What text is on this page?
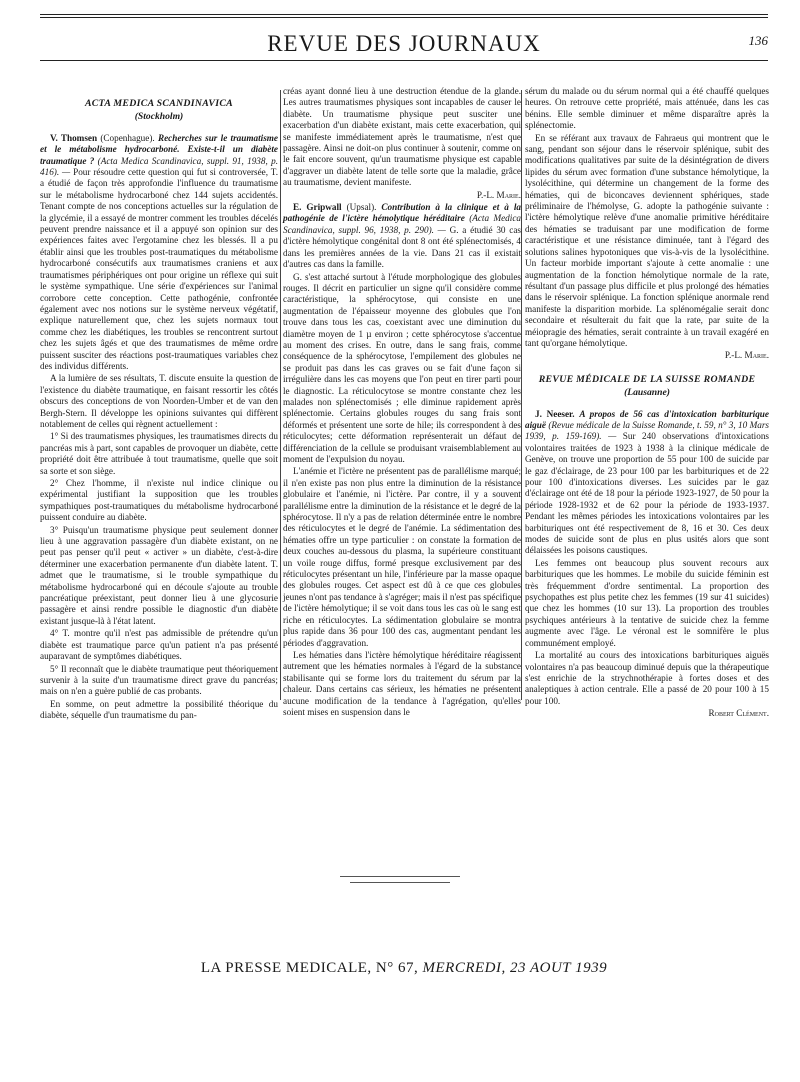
REVUE DES JOURNAUX	136
ACTA MEDICA SCANDINAVICA
(Stockholm)

V. Thomsen (Copenhague). Recherches sur le traumatisme et le métabolisme hydrocarboné. Existe-t-il un diabète traumatique ? (Acta Medica Scandinavica, suppl. 91, 1938, p. 416). — Pour résoudre cette question qui fut si controversée, T. a étudié de façon très approfondie l'influence du traumatisme sur le métabolisme hydrocarboné chez 144 sujets accidentés. Tenant compte de nos conceptions actuelles sur la régulation de la glycémie, il a essayé de montrer comment les troubles décelés peuvent prendre naissance et il a appuyé son opinion sur des expériences faites avec l'ergotamine chez les blessés. Il a pu établir ainsi que les troubles post-traumatiques du métabolisme hydrocarboné consécutifs aux traumatismes craniens et aux traumatismes périphériques ont pour origine un réflexe qui suit le système sympathique. Une série d'expériences sur l'animal corrobore cette conception. Cette pathogénie, confrontée également avec nos notions sur le système nerveux végétatif, explique naturellement que, chez les sujets normaux tout comme chez les diabétiques, les troubles se rencontrent surtout chez les sujets âgés et que des traumatismes de même ordre puissent susciter des réactions post-traumatiques variables chez des individus différents.

A la lumière de ses résultats, T. discute ensuite la question de l'existence du diabète traumatique, en faisant ressortir les côtés obscurs des conceptions de von Noorden-Umber et de van den Bergh-Stern. Il développe les opinions suivantes qui diffèrent notablement de celles qui règnent actuellement :

1° Si des traumatismes physiques, les traumatismes directs du pancréas mis à part, sont capables de provoquer un diabète, cette propriété doit être attribuée à tout traumatisme, quelle que soit sa sorte et son siège.

2° Chez l'homme, il n'existe nul indice clinique ou expérimental justifiant la supposition que les troubles sympathiques post-traumatiques du métabolisme hydrocarboné puissent conduire au diabète.

3° Puisqu'un traumatisme physique peut seulement donner lieu à une aggravation passagère d'un diabète existant, on ne peut pas penser qu'il peut « activer » un diabète, c'est-à-dire déterminer une exacerbation permanente d'un diabète latent. T. admet que le traumatisme, si le trouble sympathique du métabolisme hydrocarboné qui en découle s'ajoute au trouble pancréatique préexistant, peut donner lieu à une glycosurie passagère et ainsi rendre possible le diagnostic d'un diabète existant jusque-là à l'état latent.

4° T. montre qu'il n'est pas admissible de prétendre qu'un diabète est traumatique parce qu'un patient n'a pas présenté auparavant de symptômes diabétiques.

5° Il reconnaît que le diabète traumatique peut théoriquement survenir à la suite d'un traumatisme direct grave du pancréas; mais on n'en a guère publié de cas probants.

En somme, on peut admettre la possibilité théorique du diabète, séquelle d'un traumatisme du pan-

créas ayant donné lieu à une destruction étendue de la glande. Les autres traumatismes physiques sont incapables de causer le diabète. Un traumatisme physique peut susciter une exacerbation d'un diabète existant, mais cette exacerbation, qui se manifeste immédiatement après le traumatisme, n'est que passagère. Ainsi ne doit-on plus continuer à soutenir, comme on le fait encore souvent, qu'un traumatisme physique est capable d'aggraver un diabète latent de telle sorte que la maladie, grâce au traumatisme, devient manifeste.

P.-L. Marie.

E. Gripwall (Upsal). Contribution à la clinique et à la pathogénie de l'ictère hémolytique héréditaire (Acta Medica Scandinavica, suppl. 96, 1938, p. 290). — G. a étudié 30 cas d'ictère hémolytique congénital dont 8 ont été splénectomisés, 4 dans les premières années de la vie. Dans 21 cas il existait d'autres cas dans la famille.

G. s'est attaché surtout à l'étude morphologique des globules rouges. Il décrit en particulier un signe qu'il considère comme caractéristique, la sphérocytose, qui consiste en une augmentation de l'épaisseur moyenne des globules que l'on trouve dans tous les cas, coexistant avec une diminution du diamètre moyen de 1 µ environ ; cette sphérocytose s'accentue au moment des crises. En outre, dans le sang frais, comme conséquence de la sphérocytose, l'empilement des globules ne se produit pas dans les cas graves ou se fait d'une façon si irrégulière dans les cas moyens que l'on peut en tirer parti pour le diagnostic. La réticulocytose se montre constante chez les malades non splénectomisés ; elle diminue rapidement après splénectomie. Certains globules rouges du sang frais sont déformés et présentent une sorte de hile; ils correspondent à des réticulocytes; cette déformation représenterait un défaut de différenciation de la cellule se produisant vraisemblablement au moment de l'expulsion du noyau.

L'anémie et l'ictère ne présentent pas de parallélisme marqué; il n'en existe pas non plus entre la diminution de la résistance globulaire et l'anémie, ni l'ictère. Par contre, il y a souvent parallélisme entre la diminution de la résistance et le degré de la sphérocytose. Il n'y a pas de relation déterminée entre le nombre des réticulocytes et le degré de l'anémie. La sédimentation des hématies offre un type particulier : on constate la formation de deux couches au-dessous du plasma, la supérieure constituant un voile rouge diffus, formé presque exclusivement par des réticulocytes présentant un hile, l'inférieure par la masse opaque des globules rouges. Cet aspect est dû à ce que ces globules jeunes n'ont pas tendance à s'agréger; mais il n'est pas spécifique de l'ictère hémolytique; il se voit dans tous les cas où le sang est riche en réticulocytes. La sédimentation globulaire se montra plus rapide dans 36 pour 100 des cas, augmentant pendant les périodes d'aggravation.

Les hématies dans l'ictère hémolytique héréditaire réagissent autrement que les hématies normales à l'égard de la substance stabilisante qui se forme lors du traitement du sérum par la chaleur. Dans certains cas sérieux, les hématies ne présentent aucune modification de la tendance à l'agrégation, qu'elles soient mises en suspension dans le

sérum du malade ou du sérum normal qui a été chauffé quelques heures. On retrouve cette propriété, mais atténuée, dans les cas bénins. Elle semble diminuer et même disparaître après la splénectomie.

En se référant aux travaux de Fahraeus qui montrent que le sang, pendant son séjour dans le réservoir splénique, subit des modifications qualitatives par suite de la désintégration de divers lipides du sérum avec formation d'une substance hémolytique, la lysolécithine, qui détermine un changement de la forme des hématies, qui de biconcaves deviennent sphériques, stade préliminaire de l'hémolyse, G. adopte la pathogénie suivante : l'ictère hémolytique relève d'une anomalie primitive héréditaire des hématies se traduisant par une modification de forme caractéristique et une résistance diminuée, tant à l'égard des solutions salines hypotoniques que vis-à-vis de la lysolécithine. Un facteur morbide important s'ajoute à cette anomalie : une augmentation de la fonction hémolytique normale de la rate, résultant d'un passage plus difficile et plus prolongé des hématies dans le réservoir splénique. La fonction splénique anormale rend manifeste la disparition morbide. La splénomégalie serait donc secondaire et résulterait du fait que la rate, par suite de la méiopragie des hématies, serait contrainte à un travail exagéré en tant qu'organe hémolytique.

P.-L. Marie.

REVUE MÉDICALE DE LA SUISSE ROMANDE
(Lausanne)

J. Neeser. A propos de 56 cas d'intoxication barbiturique aiguë (Revue médicale de la Suisse Romande, t. 59, n° 3, 10 Mars 1939, p. 159-169). — Sur 240 observations d'intoxications volontaires traitées de 1923 à 1938 à la clinique médicale de Genève, on trouve une proportion de 55 pour 100 de suicide par le gaz d'éclairage, de 23 pour 100 par les barbituriques et de 22 pour 100 d'intoxications diverses. Les suicides par le gaz d'éclairage ont été de 18 pour la période 1923-1927, de 50 pour la période 1928-1932 et de 62 pour la période de 1933-1937. Pendant les mêmes périodes les intoxications volontaires par les barbituriques ont été respectivement de 8, 16 et 30. Ces deux modes de suicide sont de plus en plus usités alors que sont délaissées les poisons caustiques.

Les femmes ont beaucoup plus souvent recours aux barbituriques que les hommes. Le mobile du suicide féminin est très fréquemment d'ordre sentimental. La proportion des psychopathes est plus petite chez les femmes (19 sur 41 suicides) que chez les hommes (10 sur 13). La proportion des troubles psychiques antérieurs à la tentative de suicide chez la femme augmente avec l'âge. Le véronal est le somnifère le plus communément employé.

La mortalité au cours des intoxications barbituriques aiguës volontaires n'a pas beaucoup diminué depuis que la thérapeutique s'est enrichie de la strychnothérapie à fortes doses et des analeptiques à action centrale. Elle a passé de 20 pour 100 à 15 pour 100.

Robert Clément.

LA PRESSE MEDICALE, N° 67, MERCREDI, 23 AOUT 1939
